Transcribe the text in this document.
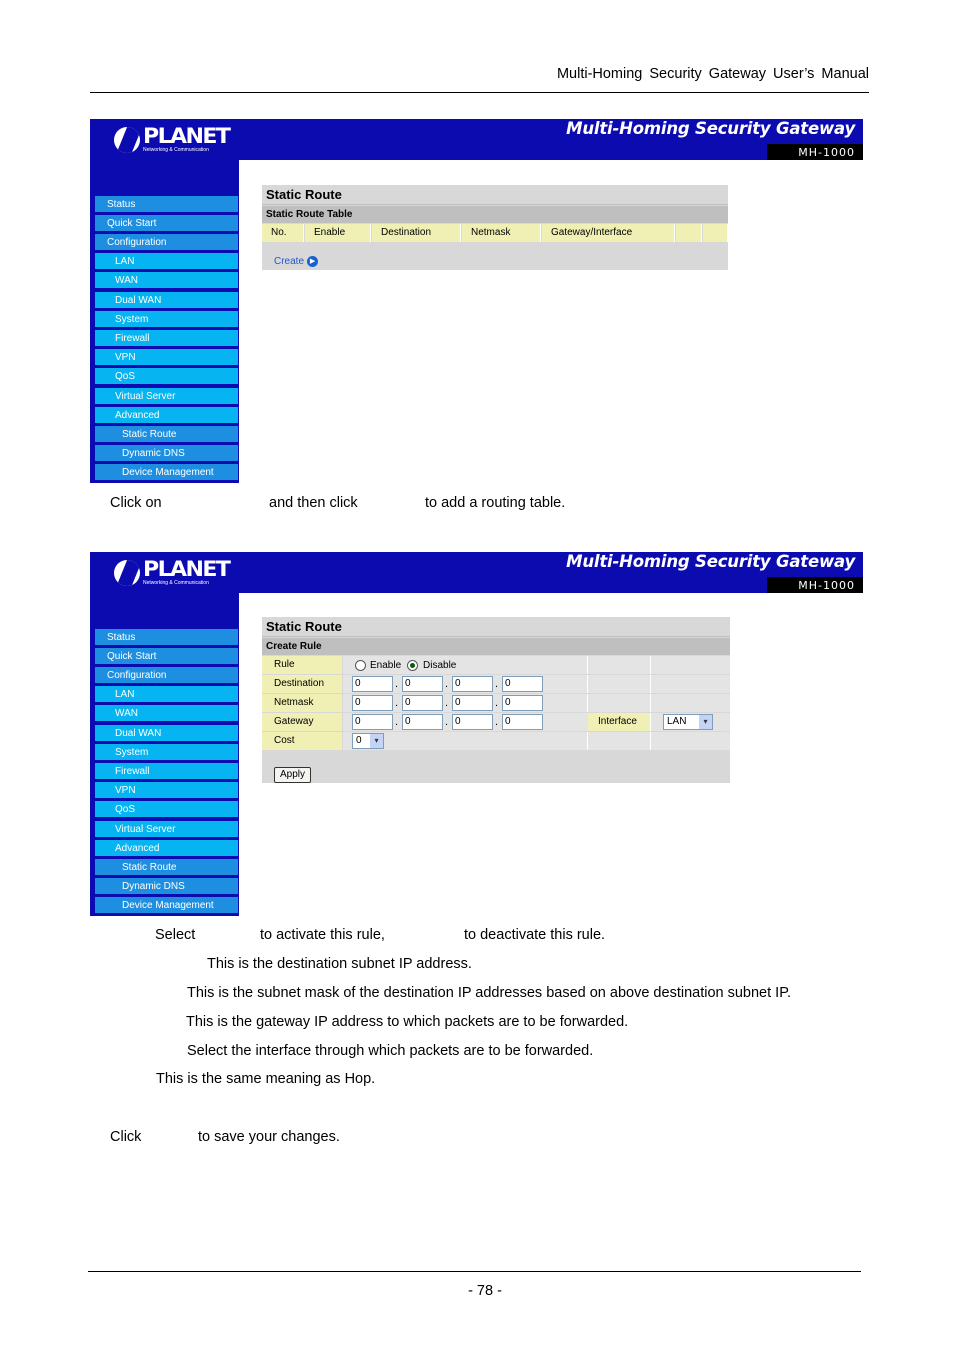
Multi-Homing Security Gateway User’s Manual
PLANET
Networking & Communication
Multi-Homing Security Gateway
MH-1000
Status
Quick Start
Configuration
LAN
WAN
Dual WAN
System
Firewall
VPN
QoS
Virtual Server
Advanced
Static Route
Dynamic DNS
Device Management
Static Route
Static Route Table
No.	Enable	Destination	Netmask	Gateway/Interface
Create ▶
Click on	and then click	to add a routing table.
PLANET
Networking & Communication
Multi-Homing Security Gateway
MH-1000
Status
Quick Start
Configuration
LAN
WAN
Dual WAN
System
Firewall
VPN
QoS
Virtual Server
Advanced
Static Route
Dynamic DNS
Device Management
Static Route
Create Rule
Rule	Enable Disable
Destination	0	. 0	. 0	. 0
Netmask	0	. 0	. 0	. 0
Gateway	0	. 0	. 0	. 0	Interface	LAN	▾
Cost	0	▾
Apply
Select	to activate this rule,	to deactivate this rule.
This is the destination subnet IP address.
This is the subnet mask of the destination IP addresses based on above destination subnet IP.
This is the gateway IP address to which packets are to be forwarded.
Select the interface through which packets are to be forwarded.
This is the same meaning as Hop.
Click	to save your changes.
- 78 -
